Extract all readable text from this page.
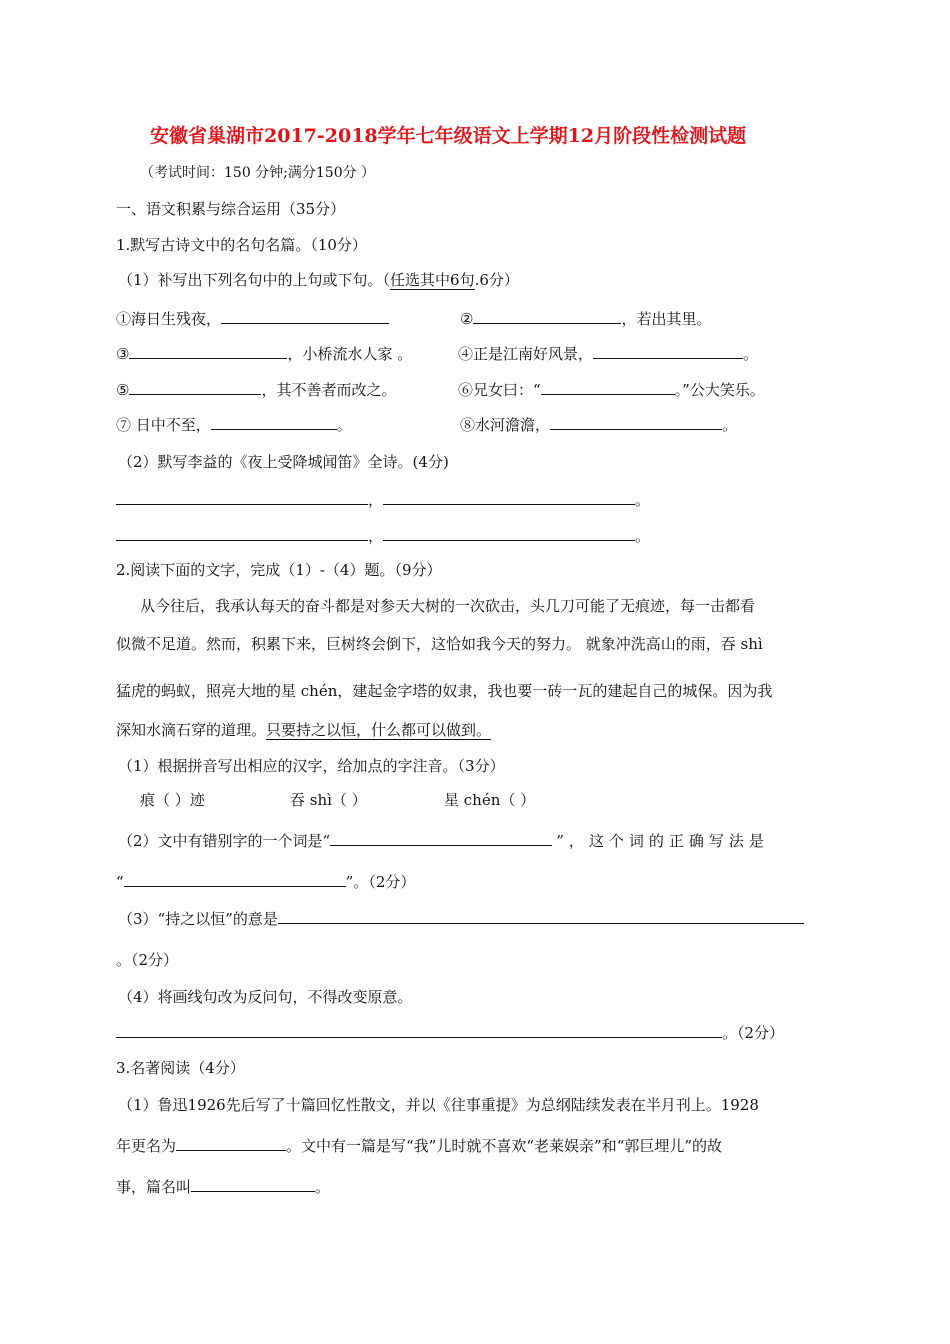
安徽省巢湖市2017-2018学年七年级语文上学期12月阶段性检测试题
（考试时间：150 分钟;满分150分 ）
一、语文积累与综合运用（35分）
1.默写古诗文中的名句名篇。（10分）
（1）补写出下列名句中的上句或下句。（任选其中6句.6分）
①海日生残夜，	②	，若出其里。
③	，小桥流水人家 。	④正是江南好风景，	。
⑤	，其不善者而改之。	⑥兄女曰：“	。”公大笑乐。
⑦ 日中不至，	。	⑧水河澹澹，	。
（2）默写李益的《夜上受降城闻笛》全诗。(4分)
，	。
，	。
2.阅读下面的文字，完成（1）-（4）题。（9分）
从今往后，我承认每天的奋斗都是对参天大树的一次砍击，头几刀可能了无痕迹，每一击都看
似微不足道。然而，积累下来，巨树终会倒下，这恰如我今天的努力。 就象冲洗高山的雨，吞 shì
猛虎的蚂蚁，照亮大地的星 chén，建起金字塔的奴隶，我也要一砖一瓦的建起自己的城保。因为我
深知水滴石穿的道理。只要持之以恒，什么都可以做到。
（1）根据拼音写出相应的汉字，给加点的字注音。（3分）
痕（ ）迹	吞 shì（ ）	星 chén（ ）
（2）文中有错别字的一个词是“	”，这个词的正确写法是
“	”。（2分）
（3）“持之以恒”的意是
。（2分）
（4）将画线句改为反问句，不得改变原意。
。（2分）
3.名著阅读（4分）
（1）鲁迅1926先后写了十篇回忆性散文，并以《往事重提》为总纲陆续发表在半月刊上。1928
年更名为	。文中有一篇是写“我”儿时就不喜欢“老莱娱亲”和“郭巨埋儿”的故
事，篇名叫	。
